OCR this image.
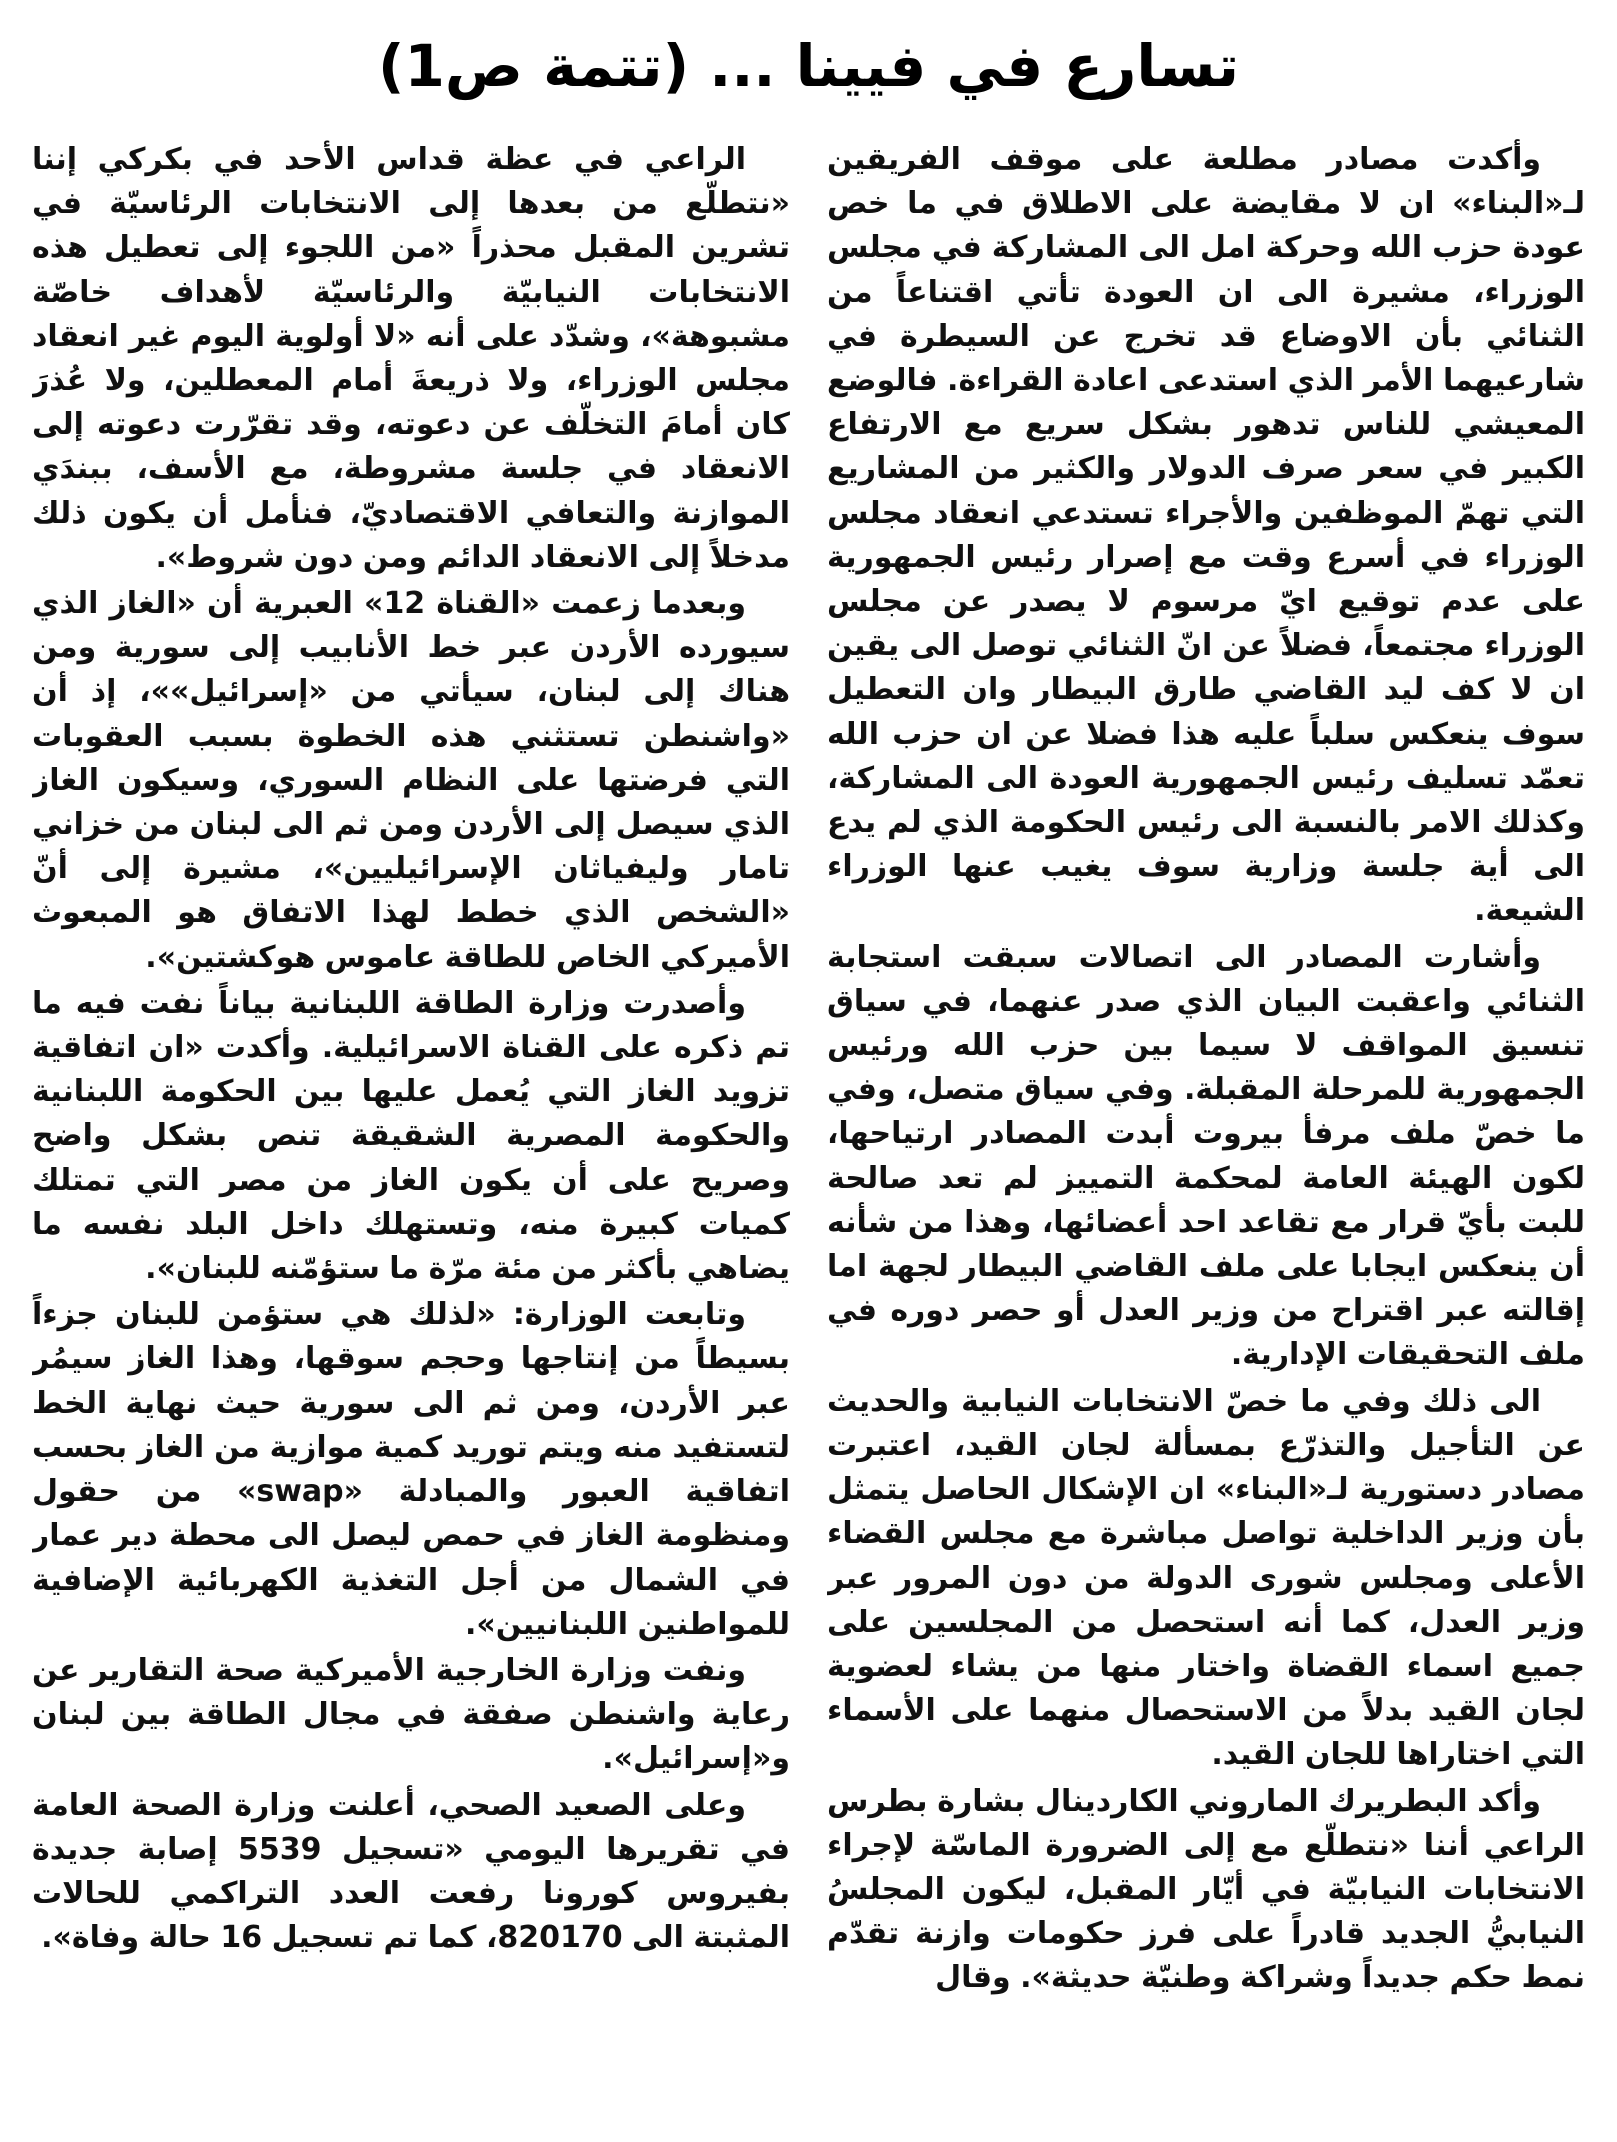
تسارع في فيينا ... (تتمة ص1)

وأكدت مصادر مطلعة على موقف الفريقين لـ«البناء» ان لا مقايضة على الاطلاق في ما خص عودة حزب الله وحركة امل الى المشاركة في مجلس الوزراء، مشيرة الى ان العودة تأتي اقتناعاً من الثنائي بأن الاوضاع قد تخرج عن السيطرة في شارعيهما الأمر الذي استدعى اعادة القراءة. فالوضع المعيشي للناس تدهور بشكل سريع مع الارتفاع الكبير في سعر صرف الدولار والكثير من المشاريع التي تهمّ الموظفين والأجراء تستدعي انعقاد مجلس الوزراء في أسرع وقت مع إصرار رئيس الجمهورية على عدم توقيع ايّ مرسوم لا يصدر عن مجلس الوزراء مجتمعاً، فضلاً عن انّ الثنائي توصل الى يقين ان لا كف ليد القاضي طارق البيطار وان التعطيل سوف ينعكس سلباً عليه هذا فضلا عن ان حزب الله تعمّد تسليف رئيس الجمهورية العودة الى المشاركة، وكذلك الامر بالنسبة الى رئيس الحكومة الذي لم يدع الى أية جلسة وزارية سوف يغيب عنها الوزراء الشيعة.

وأشارت المصادر الى اتصالات سبقت استجابة الثنائي واعقبت البيان الذي صدر عنهما، في سياق تنسيق المواقف لا سيما بين حزب الله ورئيس الجمهورية للمرحلة المقبلة. وفي سياق متصل، وفي ما خصّ ملف مرفأ بيروت أبدت المصادر ارتياحها، لكون الهيئة العامة لمحكمة التمييز لم تعد صالحة للبت بأيّ قرار مع تقاعد احد أعضائها، وهذا من شأنه أن ينعكس ايجابا على ملف القاضي البيطار لجهة اما إقالته عبر اقتراح من وزير العدل أو حصر دوره في ملف التحقيقات الإدارية.

الى ذلك وفي ما خصّ الانتخابات النيابية والحديث عن التأجيل والتذرّع بمسألة لجان القيد، اعتبرت مصادر دستورية لـ«البناء» ان الإشكال الحاصل يتمثل بأن وزير الداخلية تواصل مباشرة مع مجلس القضاء الأعلى ومجلس شورى الدولة من دون المرور عبر وزير العدل، كما أنه استحصل من المجلسين على جميع اسماء القضاة واختار منها من يشاء لعضوية لجان القيد بدلاً من الاستحصال منهما على الأسماء التي اختاراها للجان القيد.

وأكد البطريرك الماروني الكاردينال بشارة بطرس الراعي أننا «نتطلّع مع إلى الضرورة الماسّة لإجراء الانتخابات النيابيّة في أيّار المقبل، ليكون المجلسُ النيابيُّ الجديد قادراً على فرز حكومات وازنة تقدّم نمط حكم جديداً وشراكة وطنيّة حديثة». وقال

الراعي في عظة قداس الأحد في بكركي إننا «نتطلّع من بعدها إلى الانتخابات الرئاسيّة في تشرين المقبل محذراً «من اللجوء إلى تعطيل هذه الانتخابات النيابيّة والرئاسيّة لأهداف خاصّة مشبوهة»، وشدّد على أنه «لا أولوية اليوم غير انعقاد مجلس الوزراء، ولا ذريعةَ أمام المعطلين، ولا عُذرَ كان أمامَ التخلّف عن دعوته، وقد تقرّرت دعوته إلى الانعقاد في جلسة مشروطة، مع الأسف، ببندَي الموازنة والتعافي الاقتصاديّ، فنأمل أن يكون ذلك مدخلاً إلى الانعقاد الدائم ومن دون شروط».

وبعدما زعمت «القناة 12» العبرية أن «الغاز الذي سيورده الأردن عبر خط الأنابيب إلى سورية ومن هناك إلى لبنان، سيأتي من «إسرائيل»»، إذ أن «واشنطن تستثني هذه الخطوة بسبب العقوبات التي فرضتها على النظام السوري، وسيكون الغاز الذي سيصل إلى الأردن ومن ثم الى لبنان من خزاني تامار وليفياثان الإسرائيليين»، مشيرة إلى أنّ «الشخص الذي خطط لهذا الاتفاق هو المبعوث الأميركي الخاص للطاقة عاموس هوكشتين».

وأصدرت وزارة الطاقة اللبنانية بياناً نفت فيه ما تم ذكره على القناة الاسرائيلية. وأكدت «ان اتفاقية تزويد الغاز التي يُعمل عليها بين الحكومة اللبنانية والحكومة المصرية الشقيقة تنص بشكل واضح وصريح على أن يكون الغاز من مصر التي تمتلك كميات كبيرة منه، وتستهلك داخل البلد نفسه ما يضاهي بأكثر من مئة مرّة ما ستؤمّنه للبنان».

وتابعت الوزارة: «لذلك هي ستؤمن للبنان جزءاً بسيطاً من إنتاجها وحجم سوقها، وهذا الغاز سيمُر عبر الأردن، ومن ثم الى سورية حيث نهاية الخط لتستفيد منه ويتم توريد كمية موازية من الغاز بحسب اتفاقية العبور والمبادلة «swap» من حقول ومنظومة الغاز في حمص ليصل الى محطة دير عمار في الشمال من أجل التغذية الكهربائية الإضافية للمواطنين اللبنانيين».

ونفت وزارة الخارجية الأميركية صحة التقارير عن رعاية واشنطن صفقة في مجال الطاقة بين لبنان و«إسرائيل».

وعلى الصعيد الصحي، أعلنت وزارة الصحة العامة في تقريرها اليومي «تسجيل 5539 إصابة جديدة بفيروس كورونا رفعت العدد التراكمي للحالات المثبتة الى 820170، كما تم تسجيل 16 حالة وفاة».
